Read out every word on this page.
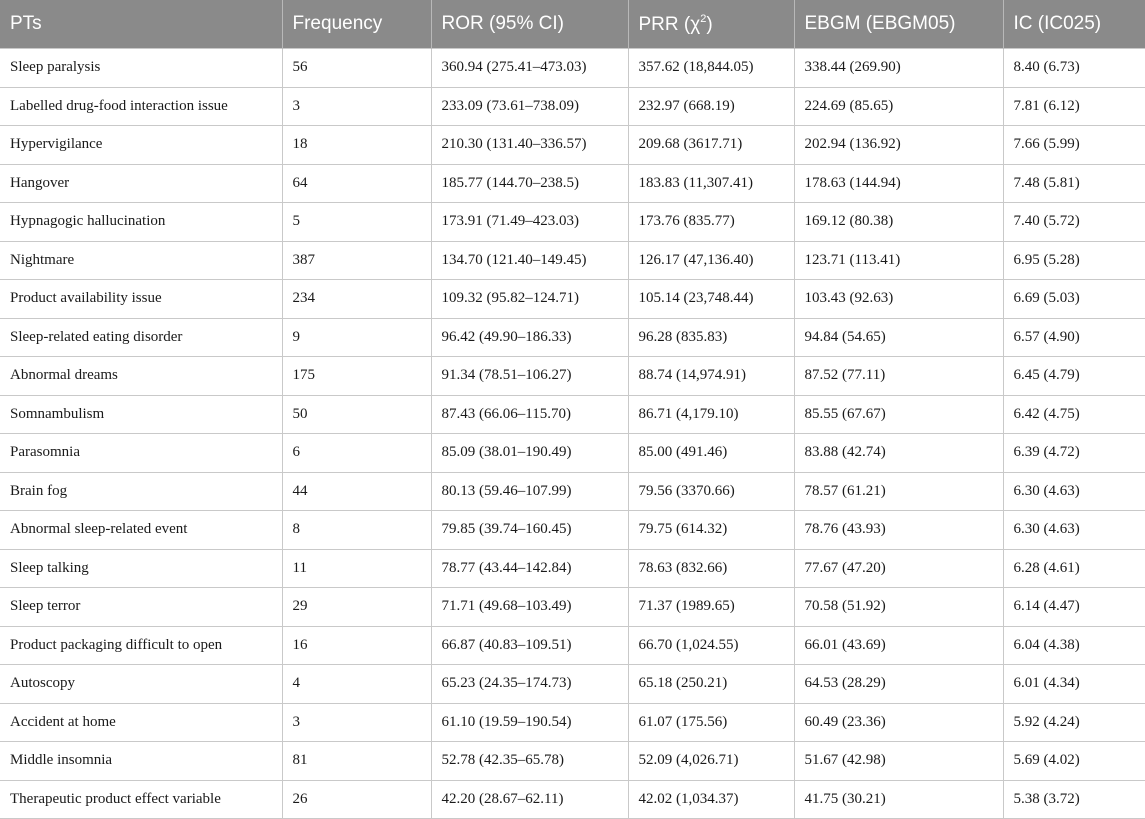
PTs	Frequency	ROR (95% CI)	PRR $(\chi^2)$	EBGM (EBGM05)	IC (IC025)
Sleep paralysis	56	360.94 (275.41–473.03)	357.62 (18,844.05)	338.44 (269.90)	8.40 (6.73)
Labelled drug-food interaction issue	3	233.09 (73.61–738.09)	232.97 (668.19)	224.69 (85.65)	7.81 (6.12)
Hypervigilance	18	210.30 (131.40–336.57)	209.68 (3617.71)	202.94 (136.92)	7.66 (5.99)
Hangover	64	185.77 (144.70–238.5)	183.83 (11,307.41)	178.63 (144.94)	7.48 (5.81)
Hypnagogic hallucination	5	173.91 (71.49–423.03)	173.76 (835.77)	169.12 (80.38)	7.40 (5.72)
Nightmare	387	134.70 (121.40–149.45)	126.17 (47,136.40)	123.71 (113.41)	6.95 (5.28)
Product availability issue	234	109.32 (95.82–124.71)	105.14 (23,748.44)	103.43 (92.63)	6.69 (5.03)
Sleep-related eating disorder	9	96.42 (49.90–186.33)	96.28 (835.83)	94.84 (54.65)	6.57 (4.90)
Abnormal dreams	175	91.34 (78.51–106.27)	88.74 (14,974.91)	87.52 (77.11)	6.45 (4.79)
Somnambulism	50	87.43 (66.06–115.70)	86.71 (4,179.10)	85.55 (67.67)	6.42 (4.75)
Parasomnia	6	85.09 (38.01–190.49)	85.00 (491.46)	83.88 (42.74)	6.39 (4.72)
Brain fog	44	80.13 (59.46–107.99)	79.56 (3370.66)	78.57 (61.21)	6.30 (4.63)
Abnormal sleep-related event	8	79.85 (39.74–160.45)	79.75 (614.32)	78.76 (43.93)	6.30 (4.63)
Sleep talking	11	78.77 (43.44–142.84)	78.63 (832.66)	77.67 (47.20)	6.28 (4.61)
Sleep terror	29	71.71 (49.68–103.49)	71.37 (1989.65)	70.58 (51.92)	6.14 (4.47)
Product packaging difficult to open	16	66.87 (40.83–109.51)	66.70 (1,024.55)	66.01 (43.69)	6.04 (4.38)
Autoscopy	4	65.23 (24.35–174.73)	65.18 (250.21)	64.53 (28.29)	6.01 (4.34)
Accident at home	3	61.10 (19.59–190.54)	61.07 (175.56)	60.49 (23.36)	5.92 (4.24)
Middle insomnia	81	52.78 (42.35–65.78)	52.09 (4,026.71)	51.67 (42.98)	5.69 (4.02)
Therapeutic product effect variable	26	42.20 (28.67–62.11)	42.02 (1,034.37)	41.75 (30.21)	5.38 (3.72)
